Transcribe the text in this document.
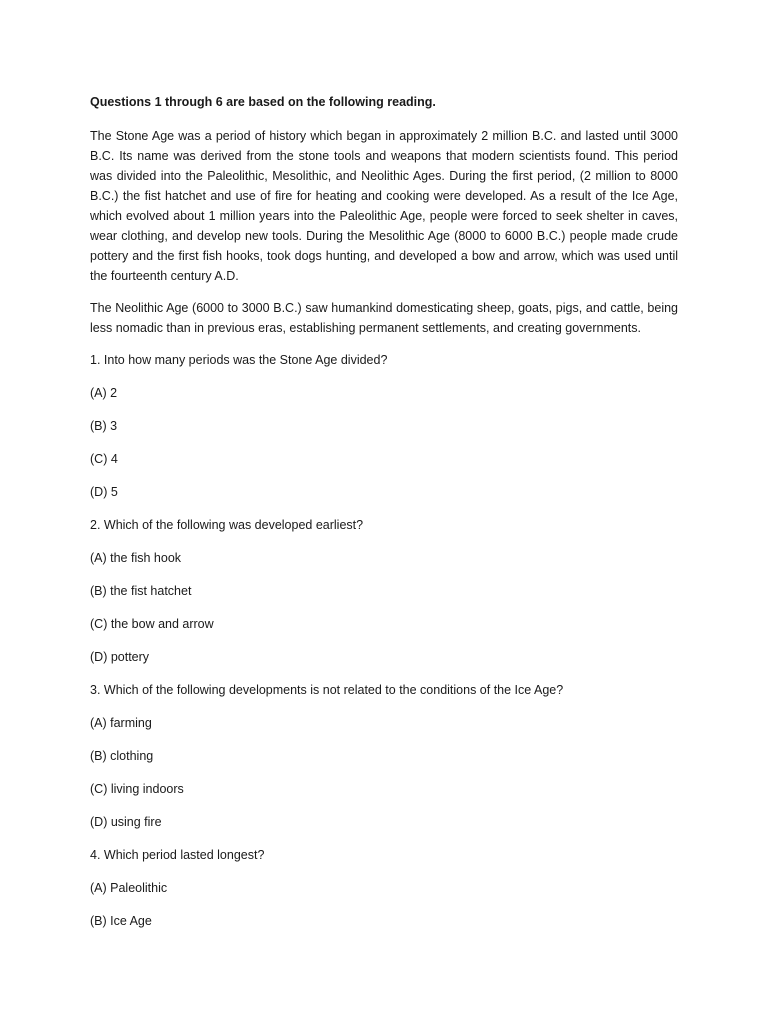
Questions 1 through 6 are based on the following reading.

The Stone Age was a period of history which began in approximately 2 million B.C. and lasted until 3000 B.C. Its name was derived from the stone tools and weapons that modern scientists found. This period was divided into the Paleolithic, Mesolithic, and Neolithic Ages. During the first period, (2 million to 8000 B.C.) the fist hatchet and use of fire for heating and cooking were developed. As a result of the Ice Age, which evolved about 1 million years into the Paleolithic Age, people were forced to seek shelter in caves, wear clothing, and develop new tools. During the Mesolithic Age (8000 to 6000 B.C.) people made crude pottery and the first fish hooks, took dogs hunting, and developed a bow and arrow, which was used until the fourteenth century A.D.

The Neolithic Age (6000 to 3000 B.C.) saw humankind domesticating sheep, goats, pigs, and cattle, being less nomadic than in previous eras, establishing permanent settlements, and creating governments.

1. Into how many periods was the Stone Age divided?

(A) 2

(B) 3

(C) 4

(D) 5

2. Which of the following was developed earliest?

(A) the fish hook

(B) the fist hatchet

(C) the bow and arrow

(D) pottery

3. Which of the following developments is not related to the conditions of the Ice Age?

(A) farming

(B) clothing

(C) living indoors

(D) using fire

4. Which period lasted longest?

(A) Paleolithic

(B) Ice Age
